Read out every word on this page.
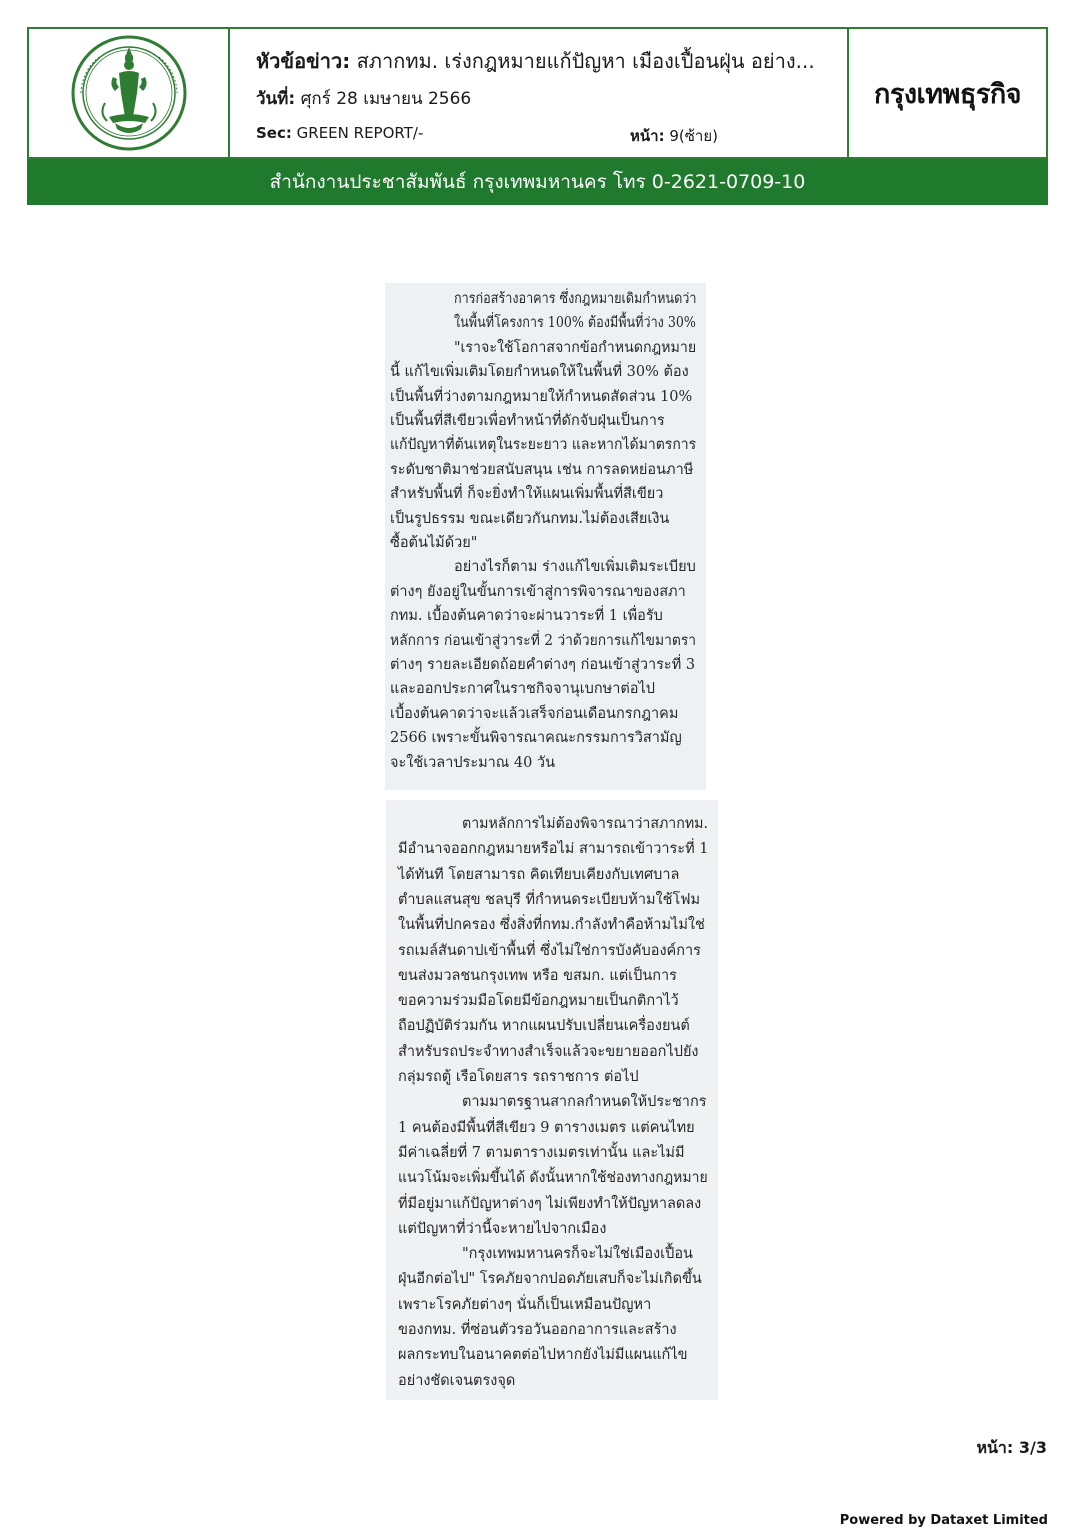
หัวข้อข่าว: สภากทม. เร่งกฎหมายแก้ปัญหา เมืองเปื้อนฝุ่น อย่าง...
วันที่: ศุกร์ 28 เมษายน 2566
Sec: GREEN REPORT/-	หน้า: 9(ซ้าย)
กรุงเทพธุรกิจ
สำนักงานประชาสัมพันธ์ กรุงเทพมหานคร โทร 0-2621-0709-10
การก่อสร้างอาคาร ซึ่งกฎหมายเดิมกำหนดว่า
ในพื้นที่โครงการ 100% ต้องมีพื้นที่ว่าง 30%
"เราจะใช้โอกาสจากข้อกำหนดกฎหมาย
นี้ แก้ไขเพิ่มเติมโดยกำหนดให้ในพื้นที่ 30% ต้อง
เป็นพื้นที่ว่างตามกฎหมายให้กำหนดสัดส่วน 10%
เป็นพื้นที่สีเขียวเพื่อทำหน้าที่ดักจับฝุ่นเป็นการ
แก้ปัญหาที่ต้นเหตุในระยะยาว และหากได้มาตรการ
ระดับชาติมาช่วยสนับสนุน เช่น การลดหย่อนภาษี
สำหรับพื้นที่ ก็จะยิ่งทำให้แผนเพิ่มพื้นที่สีเขียว
เป็นรูปธรรม ขณะเดียวกันกทม.ไม่ต้องเสียเงิน
ซื้อต้นไม้ด้วย"
อย่างไรก็ตาม ร่างแก้ไขเพิ่มเติมระเบียบ
ต่างๆ ยังอยู่ในขั้นการเข้าสู่การพิจารณาของสภา
กทม. เบื้องต้นคาดว่าจะผ่านวาระที่ 1 เพื่อรับ
หลักการ ก่อนเข้าสู่วาระที่ 2 ว่าด้วยการแก้ไขมาตรา
ต่างๆ รายละเอียดถ้อยคำต่างๆ ก่อนเข้าสู่วาระที่ 3
และออกประกาศในราชกิจจานุเบกษาต่อไป
เบื้องต้นคาดว่าจะแล้วเสร็จก่อนเดือนกรกฎาคม
2566 เพราะขั้นพิจารณาคณะกรรมการวิสามัญ
จะใช้เวลาประมาณ 40 วัน
ตามหลักการไม่ต้องพิจารณาว่าสภากทม.
มีอำนาจออกกฎหมายหรือไม่ สามารถเข้าวาระที่ 1
ได้ทันที โดยสามารถ คิดเทียบเคียงกับเทศบาล
ตำบลแสนสุข ชลบุรี ที่กำหนดระเบียบห้ามใช้โฟม
ในพื้นที่ปกครอง ซึ่งสิ่งที่กทม.กำลังทำคือห้ามไม่ใช่
รถเมล์สันดาปเข้าพื้นที่ ซึ่งไม่ใช่การบังคับองค์การ
ขนส่งมวลชนกรุงเทพ หรือ ขสมก. แต่เป็นการ
ขอความร่วมมือโดยมีข้อกฎหมายเป็นกติกาไว้
ถือปฏิบัติร่วมกัน หากแผนปรับเปลี่ยนเครื่องยนต์
สำหรับรถประจำทางสำเร็จแล้วจะขยายออกไปยัง
กลุ่มรถตู้ เรือโดยสาร รถราชการ ต่อไป
ตามมาตรฐานสากลกำหนดให้ประชากร
1 คนต้องมีพื้นที่สีเขียว 9 ตารางเมตร แต่คนไทย
มีค่าเฉลี่ยที่ 7 ตามตารางเมตรเท่านั้น และไม่มี
แนวโน้มจะเพิ่มขึ้นได้ ดังนั้นหากใช้ช่องทางกฎหมาย
ที่มีอยู่มาแก้ปัญหาต่างๆ ไม่เพียงทำให้ปัญหาลดลง
แต่ปัญหาที่ว่านี้จะหายไปจากเมือง
"กรุงเทพมหานครก็จะไม่ใช่เมืองเปื้อน
ฝุ่นอีกต่อไป" โรคภัยจากปอดภัยเสบก็จะไม่เกิดขึ้น
เพราะโรคภัยต่างๆ นั่นก็เป็นเหมือนปัญหา
ของกทม. ที่ซ่อนตัวรอวันออกอาการและสร้าง
ผลกระทบในอนาคตต่อไปหากยังไม่มีแผนแก้ไข
อย่างชัดเจนตรงจุด
หน้า: 3/3
Powered by Dataxet Limited
